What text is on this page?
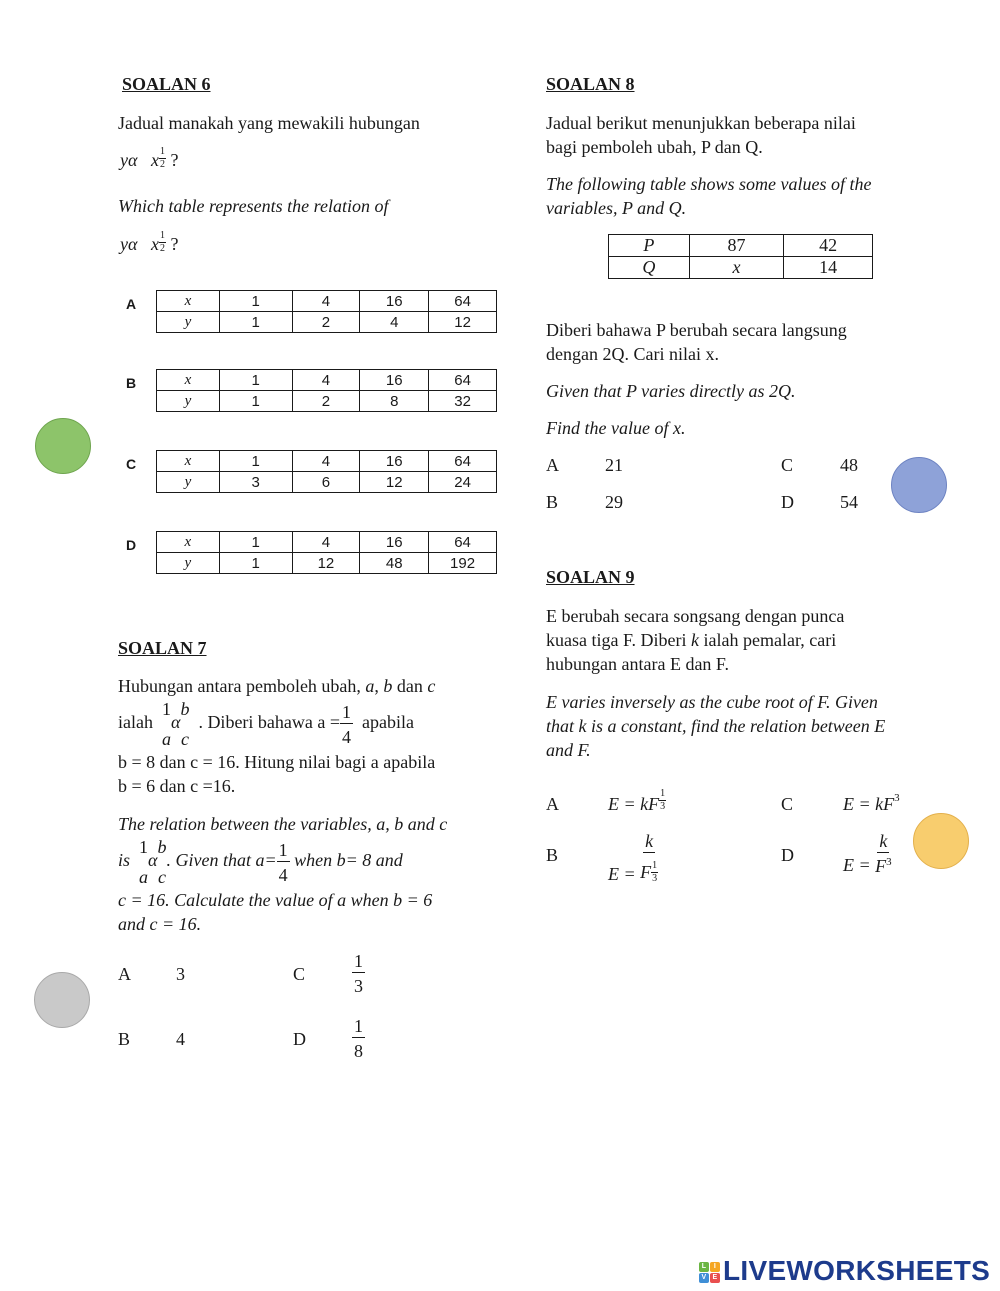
SOALAN 6
Jadual manakah yang mewakili hubungan
yα x $\frac{1}{2}$ ?
Which table represents the relation of
yα x $\frac{1}{2}$ ?
A	x	1	4	16	64
y	1	2	4	12
B	x	1	4	16	64
y	1	2	8	32
C	x	1	4	16	64
y	3	6	12	24
D	x	1	4	16	64
y	1	12	48	192
SOALAN 7
Hubungan antara pemboleh ubah, a, b dan c
ialah
1
a
α
b
c
. Diberi bahawa $a = \frac{1}{4}$ apabila
b = 8 dan c = 16. Hitung nilai bagi a apabila
b = 6 dan c =16.
The relation between the variables, a, b and c
is
1
a
α
b
c
. Given that $a= \frac{1}{4}$ when b= 8 and
c = 16. Calculate the value of a when b = 6
and c = 16.
A	3
B	4
C	$\frac{1}{3}$
D	$\frac{1}{8}$
SOALAN 8
Jadual berikut menunjukkan beberapa nilai
bagi pemboleh ubah, P dan Q.
The following table shows some values of the
variables, P and Q.
P	87	42
Q	x	14
Diberi bahawa P berubah secara langsung
dengan 2Q. Cari nilai x.
Given that P varies directly as 2Q.
Find the value of x.
A	21
B	29
C	48
D	54
SOALAN 9
E berubah secara songsang dengan punca
kuasa tiga F. Diberi k ialah pemalar, cari
hubungan antara E dan F.
E varies inversely as the cube root of F. Given
that k is a constant, find the relation between E
and F.
A	E = kF $\frac{1}{3}$
B
$E = \frac{k}{F \frac{1}{3}}$
C	$E = kF^3$
D	$E = \frac{k}{F^3}$
L	I
V E LIVEWORKSHEETS
